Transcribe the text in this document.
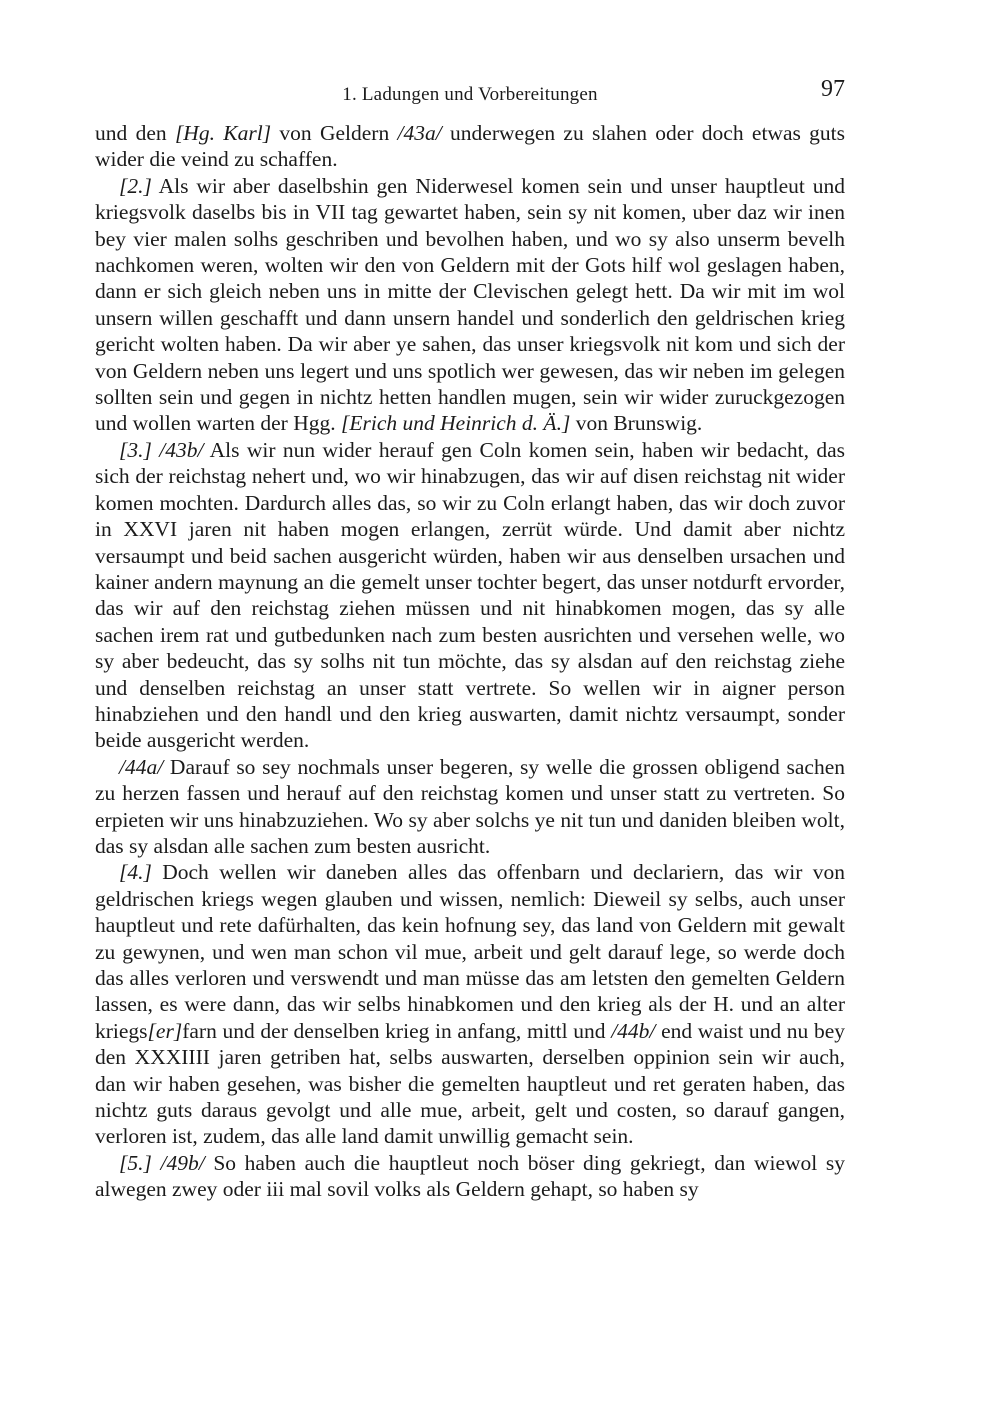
1. Ladungen und Vorbereitungen	97

und den [Hg. Karl] von Geldern /43a/ underwegen zu slahen oder doch etwas guts wider die veind zu schaffen.

[2.] Als wir aber daselbshin gen Niderwesel komen sein und unser hauptleut und kriegsvolk daselbs bis in VII tag gewartet haben, sein sy nit komen, uber daz wir inen bey vier malen solhs geschriben und bevolhen haben, und wo sy also unserm bevelh nachkomen weren, wolten wir den von Geldern mit der Gots hilf wol geslagen haben, dann er sich gleich neben uns in mitte der Clevischen gelegt hett. Da wir mit im wol unsern willen geschafft und dann unsern handel und sonderlich den geldrischen krieg gericht wolten haben. Da wir aber ye sahen, das unser kriegsvolk nit kom und sich der von Geldern neben uns legert und uns spotlich wer gewesen, das wir neben im gelegen sollten sein und gegen in nichtz hetten handlen mugen, sein wir wider zuruckgezogen und wollen warten der Hgg. [Erich und Heinrich d. Ä.] von Brunswig.

[3.] /43b/ Als wir nun wider herauf gen Coln komen sein, haben wir bedacht, das sich der reichstag nehert und, wo wir hinabzugen, das wir auf disen reichstag nit wider komen mochten. Dardurch alles das, so wir zu Coln erlangt haben, das wir doch zuvor in XXVI jaren nit haben mogen erlangen, zerrüt würde. Und damit aber nichtz versaumpt und beid sachen ausgericht würden, haben wir aus denselben ursachen und kainer andern maynung an die gemelt unser tochter begert, das unser notdurft ervorder, das wir auf den reichstag ziehen müssen und nit hinabkomen mogen, das sy alle sachen irem rat und gutbedunken nach zum besten ausrichten und versehen welle, wo sy aber bedeucht, das sy solhs nit tun möchte, das sy alsdan auf den reichstag ziehe und denselben reichstag an unser statt vertrete. So wellen wir in aigner person hinabziehen und den handl und den krieg auswarten, damit nichtz versaumpt, sonder beide ausgericht werden.

/44a/ Darauf so sey nochmals unser begeren, sy welle die grossen obligend sachen zu herzen fassen und herauf auf den reichstag komen und unser statt zu vertreten. So erpieten wir uns hinabzuziehen. Wo sy aber solchs ye nit tun und daniden bleiben wolt, das sy alsdan alle sachen zum besten ausricht.

[4.] Doch wellen wir daneben alles das offenbarn und declariern, das wir von geldrischen kriegs wegen glauben und wissen, nemlich: Dieweil sy selbs, auch unser hauptleut und rete dafürhalten, das kein hofnung sey, das land von Geldern mit gewalt zu gewynen, und wen man schon vil mue, arbeit und gelt darauf lege, so werde doch das alles verloren und verswendt und man müsse das am letsten den gemelten Geldern lassen, es were dann, das wir selbs hinabkomen und den krieg als der H. und an alter kriegs[er]farn und der denselben krieg in anfang, mittl und /44b/ end waist und nu bey den XXXIIII jaren getriben hat, selbs auswarten, derselben oppinion sein wir auch, dan wir haben gesehen, was bisher die gemelten hauptleut und ret geraten haben, das nichtz guts daraus gevolgt und alle mue, arbeit, gelt und costen, so darauf gangen, verloren ist, zudem, das alle land damit unwillig gemacht sein.

[5.] /49b/ So haben auch die hauptleut noch böser ding gekriegt, dan wiewol sy alwegen zwey oder iii mal sovil volks als Geldern gehapt, so haben sy
